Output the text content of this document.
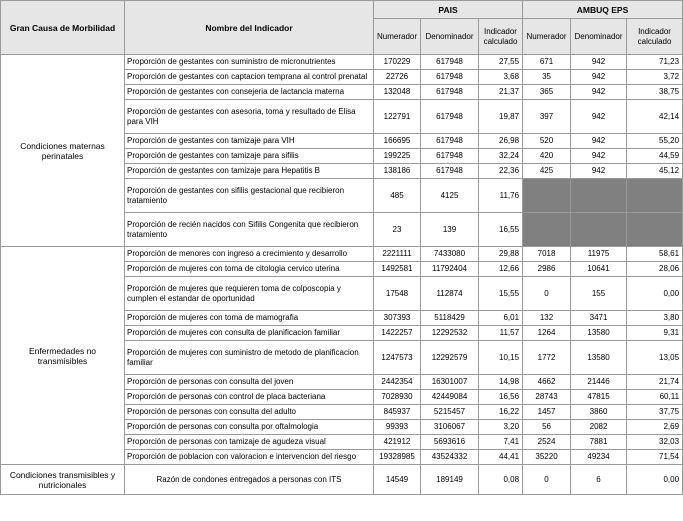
Gran Causa de Morbilidad	Nombre del Indicador	PAIS			AMBUQ EPS		
		Numerador	Denominador	Indicador calculado	Numerador	Denominador	Indicador calculado
Condiciones maternas perinatales	Proporción de gestantes con suministro de micronutrientes	170229	617948	27,55	671	942	71,23
	Proporción de gestantes con captacion temprana al control prenatal	22726	617948	3,68	35	942	3,72
	Proporción de gestantes con consejeria de lactancia materna	132048	617948	21,37	365	942	38,75
	Proporción de gestantes con asesoria, toma y resultado de Elisa para VIH	122791	617948	19,87	397	942	42,14
	Proporción de gestantes con tamizaje para VIH	166695	617948	26,98	520	942	55,20
	Proporción de gestantes con tamizaje para sifilis	199225	617948	32,24	420	942	44,59
	Proporción de gestantes con tamizaje para Hepatitis B	138186	617948	22,36	425	942	45,12
	Proporción de gestantes con sifilis gestacional que recibieron tratamiento	485	4125	11,76			
	Proporción de recién nacidos con Sifilis Congenita que recibieron tratamiento	23	139	16,55			
Enfermedades no transmisibles	Proporción de menores con ingreso a crecimiento y desarrollo	2221111	7433080	29,88	7018	11975	58,61
	Proporción de mujeres con toma de citologia cervico uterina	1492581	11792404	12,66	2986	10641	28,06
	Proporción de mujeres que requieren toma de colposcopia y cumplen el estandar de oportunidad	17548	112874	15,55	0	155	0,00
	Proporción de mujeres con toma de mamografia	307393	5118429	6,01	132	3471	3,80
	Proporción de mujeres con consulta de planificacion familiar	1422257	12292532	11,57	1264	13580	9,31
	Proporción de mujeres con suministro de metodo de planificacion familiar	1247573	12292579	10,15	1772	13580	13,05
	Proporción de personas con consulta del joven	2442354	16301007	14,98	4662	21446	21,74
	Proporción de personas con control de placa bacteriana	7028930	42449084	16,56	28743	47815	60,11
	Proporción de personas con consulta del adulto	845937	5215457	16,22	1457	3860	37,75
	Proporción de personas con consulta por oftalmologia	99393	3106067	3,20	56	2082	2,69
	Proporción de personas con tamizaje de agudeza visual	421912	5693616	7,41	2524	7881	32,03
	Proporción de poblacion con valoracion e intervencion del riesgo	19328985	43524332	44,41	35220	49234	71,54
Condiciones transmisibles y nutricionales	Razón de condones entregados a personas con ITS	14549	189149	0,08	0	6	0,00
